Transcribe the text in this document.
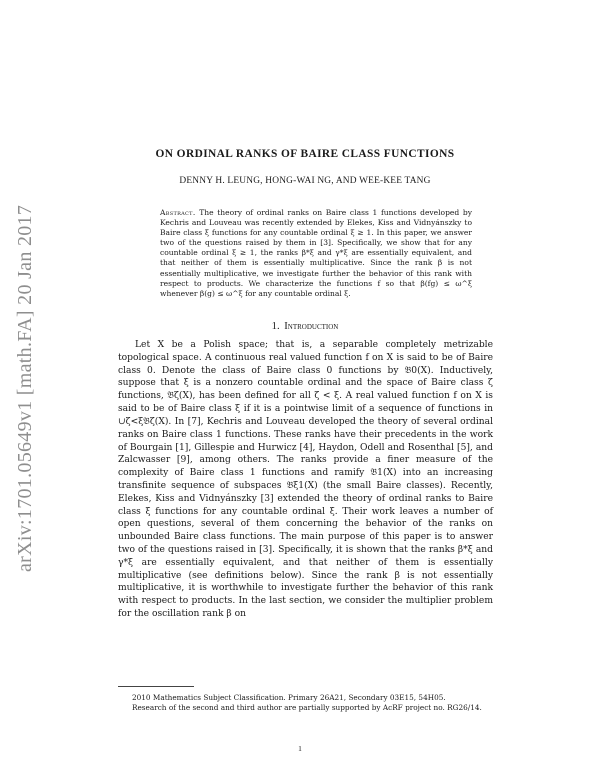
arXiv:1701.05649v1 [math.FA] 20 Jan 2017
ON ORDINAL RANKS OF BAIRE CLASS FUNCTIONS
DENNY H. LEUNG, HONG-WAI NG, AND WEE-KEE TANG
Abstract. The theory of ordinal ranks on Baire class 1 functions developed by Kechris and Louveau was recently extended by Elekes, Kiss and Vidnyánszky to Baire class ξ functions for any countable ordinal ξ ≥ 1. In this paper, we answer two of the questions raised by them in [3]. Specifically, we show that for any countable ordinal ξ ≥ 1, the ranks β*ξ and γ*ξ are essentially equivalent, and that neither of them is essentially multiplicative. Since the rank β is not essentially multiplicative, we investigate further the behavior of this rank with respect to products. We characterize the functions f so that β(fg) ≤ ω^ξ whenever β(g) ≤ ω^ξ for any countable ordinal ξ.
1. Introduction
Let X be a Polish space; that is, a separable completely metrizable topological space. A continuous real valued function f on X is said to be of Baire class 0. Denote the class of Baire class 0 functions by 𝔅0(X). Inductively, suppose that ξ is a nonzero countable ordinal and the space of Baire class ζ functions, 𝔅ζ(X), has been defined for all ζ < ξ. A real valued function f on X is said to be of Baire class ξ if it is a pointwise limit of a sequence of functions in ∪ζ<ξ𝔅ζ(X). In [7], Kechris and Louveau developed the theory of several ordinal ranks on Baire class 1 functions. These ranks have their precedents in the work of Bourgain [1], Gillespie and Hurwicz [4], Haydon, Odell and Rosenthal [5], and Zalcwasser [9], among others. The ranks provide a finer measure of the complexity of Baire class 1 functions and ramify 𝔅1(X) into an increasing transfinite sequence of subspaces 𝔅ξ1(X) (the small Baire classes). Recently, Elekes, Kiss and Vidnyánszky [3] extended the theory of ordinal ranks to Baire class ξ functions for any countable ordinal ξ. Their work leaves a number of open questions, several of them concerning the behavior of the ranks on unbounded Baire class functions. The main purpose of this paper is to answer two of the questions raised in [3]. Specifically, it is shown that the ranks β*ξ and γ*ξ are essentially equivalent, and that neither of them is essentially multiplicative (see definitions below). Since the rank β is not essentially multiplicative, it is worthwhile to investigate further the behavior of this rank with respect to products. In the last section, we consider the multiplier problem for the oscillation rank β on
2010 Mathematics Subject Classification. Primary 26A21, Secondary 03E15, 54H05.
Research of the second and third author are partially supported by AcRF project no. RG26/14.
1
